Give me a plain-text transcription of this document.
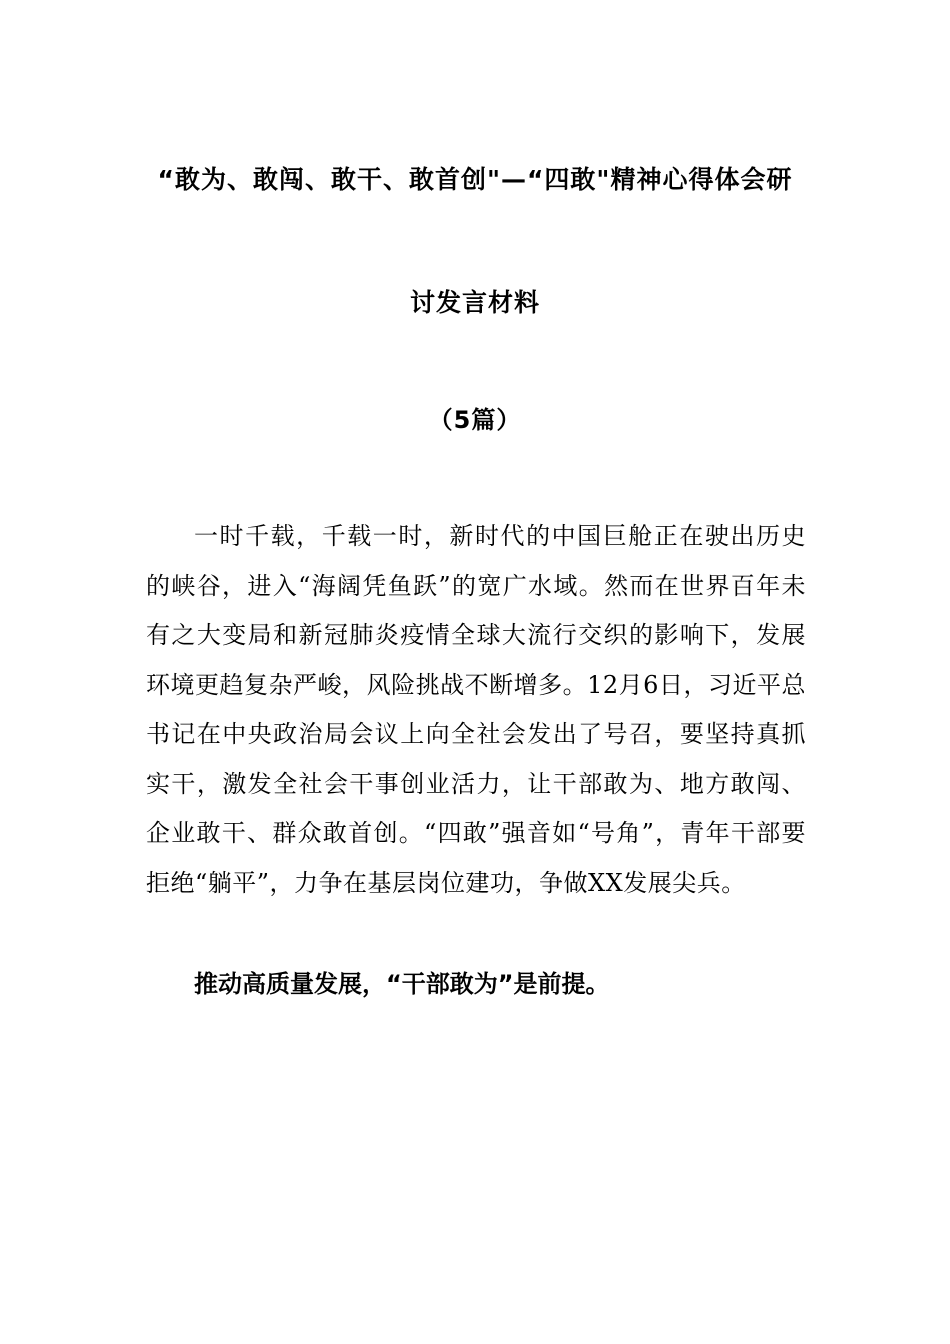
“敢为、敢闯、敢干、敢首创"—“四敢"精神心得体会研
讨发言材料
（5篇）

一时千载，千载一时，新时代的中国巨舱正在驶出历史的峡谷，进入“海阔凭鱼跃”的宽广水域。然而在世界百年未有之大变局和新冠肺炎疫情全球大流行交织的影响下，发展环境更趋复杂严峻，风险挑战不断增多。12月6日，习近平总书记在中央政治局会议上向全社会发出了号召，要坚持真抓实干，激发全社会干事创业活力，让干部敢为、地方敢闯、企业敢干、群众敢首创。“四敢”强音如“号角”，青年干部要拒绝“躺平”，力争在基层岗位建功，争做XX发展尖兵。

推动高质量发展，“干部敢为”是前提。
